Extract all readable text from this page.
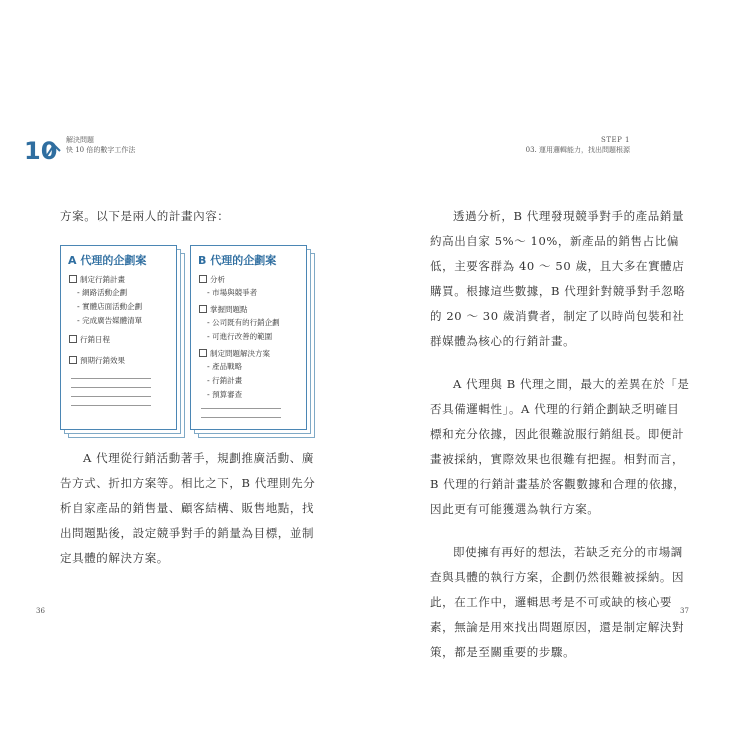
10 解決問題
快 10 倍的數字工作法
STEP 1
03. 運用邏輯能力，找出問題根源
方案。以下是兩人的計畫內容：
A 代理的企劃案
制定行銷計畫
- 網路活動企劃
- 實體店面活動企劃
- 完成廣告媒體清單
行銷日程
預期行銷效果
B 代理的企劃案
分析
- 市場與競爭者
掌握問題點
- 公司既有的行銷企劃
- 可進行改善的範圍
制定問題解決方案
- 產品戰略
- 行銷計畫
- 預算審查

A 代理從行銷活動著手，規劃推廣活動、廣告方式、折扣方案等。相比之下，B 代理則先分析自家產品的銷售量、顧客結構、販售地點，找出問題點後，設定競爭對手的銷量為目標，並制定具體的解決方案。

透過分析，B 代理發現競爭對手的產品銷量約高出自家 5%～ 10%，新產品的銷售占比偏低，主要客群為 40 ～ 50 歲，且大多在實體店購買。根據這些數據，B 代理針對競爭對手忽略的 20 ～ 30 歲消費者，制定了以時尚包裝和社群媒體為核心的行銷計畫。

A 代理與 B 代理之間，最大的差異在於「是否具備邏輯性」。A 代理的行銷企劃缺乏明確目標和充分依據，因此很難說服行銷組長。即便計畫被採納，實際效果也很難有把握。相對而言，B 代理的行銷計畫基於客觀數據和合理的依據，因此更有可能獲選為執行方案。

即使擁有再好的想法，若缺乏充分的市場調查與具體的執行方案，企劃仍然很難被採納。因此，在工作中，邏輯思考是不可或缺的核心要素，無論是用來找出問題原因，還是制定解決對策，都是至關重要的步驟。

36	37
